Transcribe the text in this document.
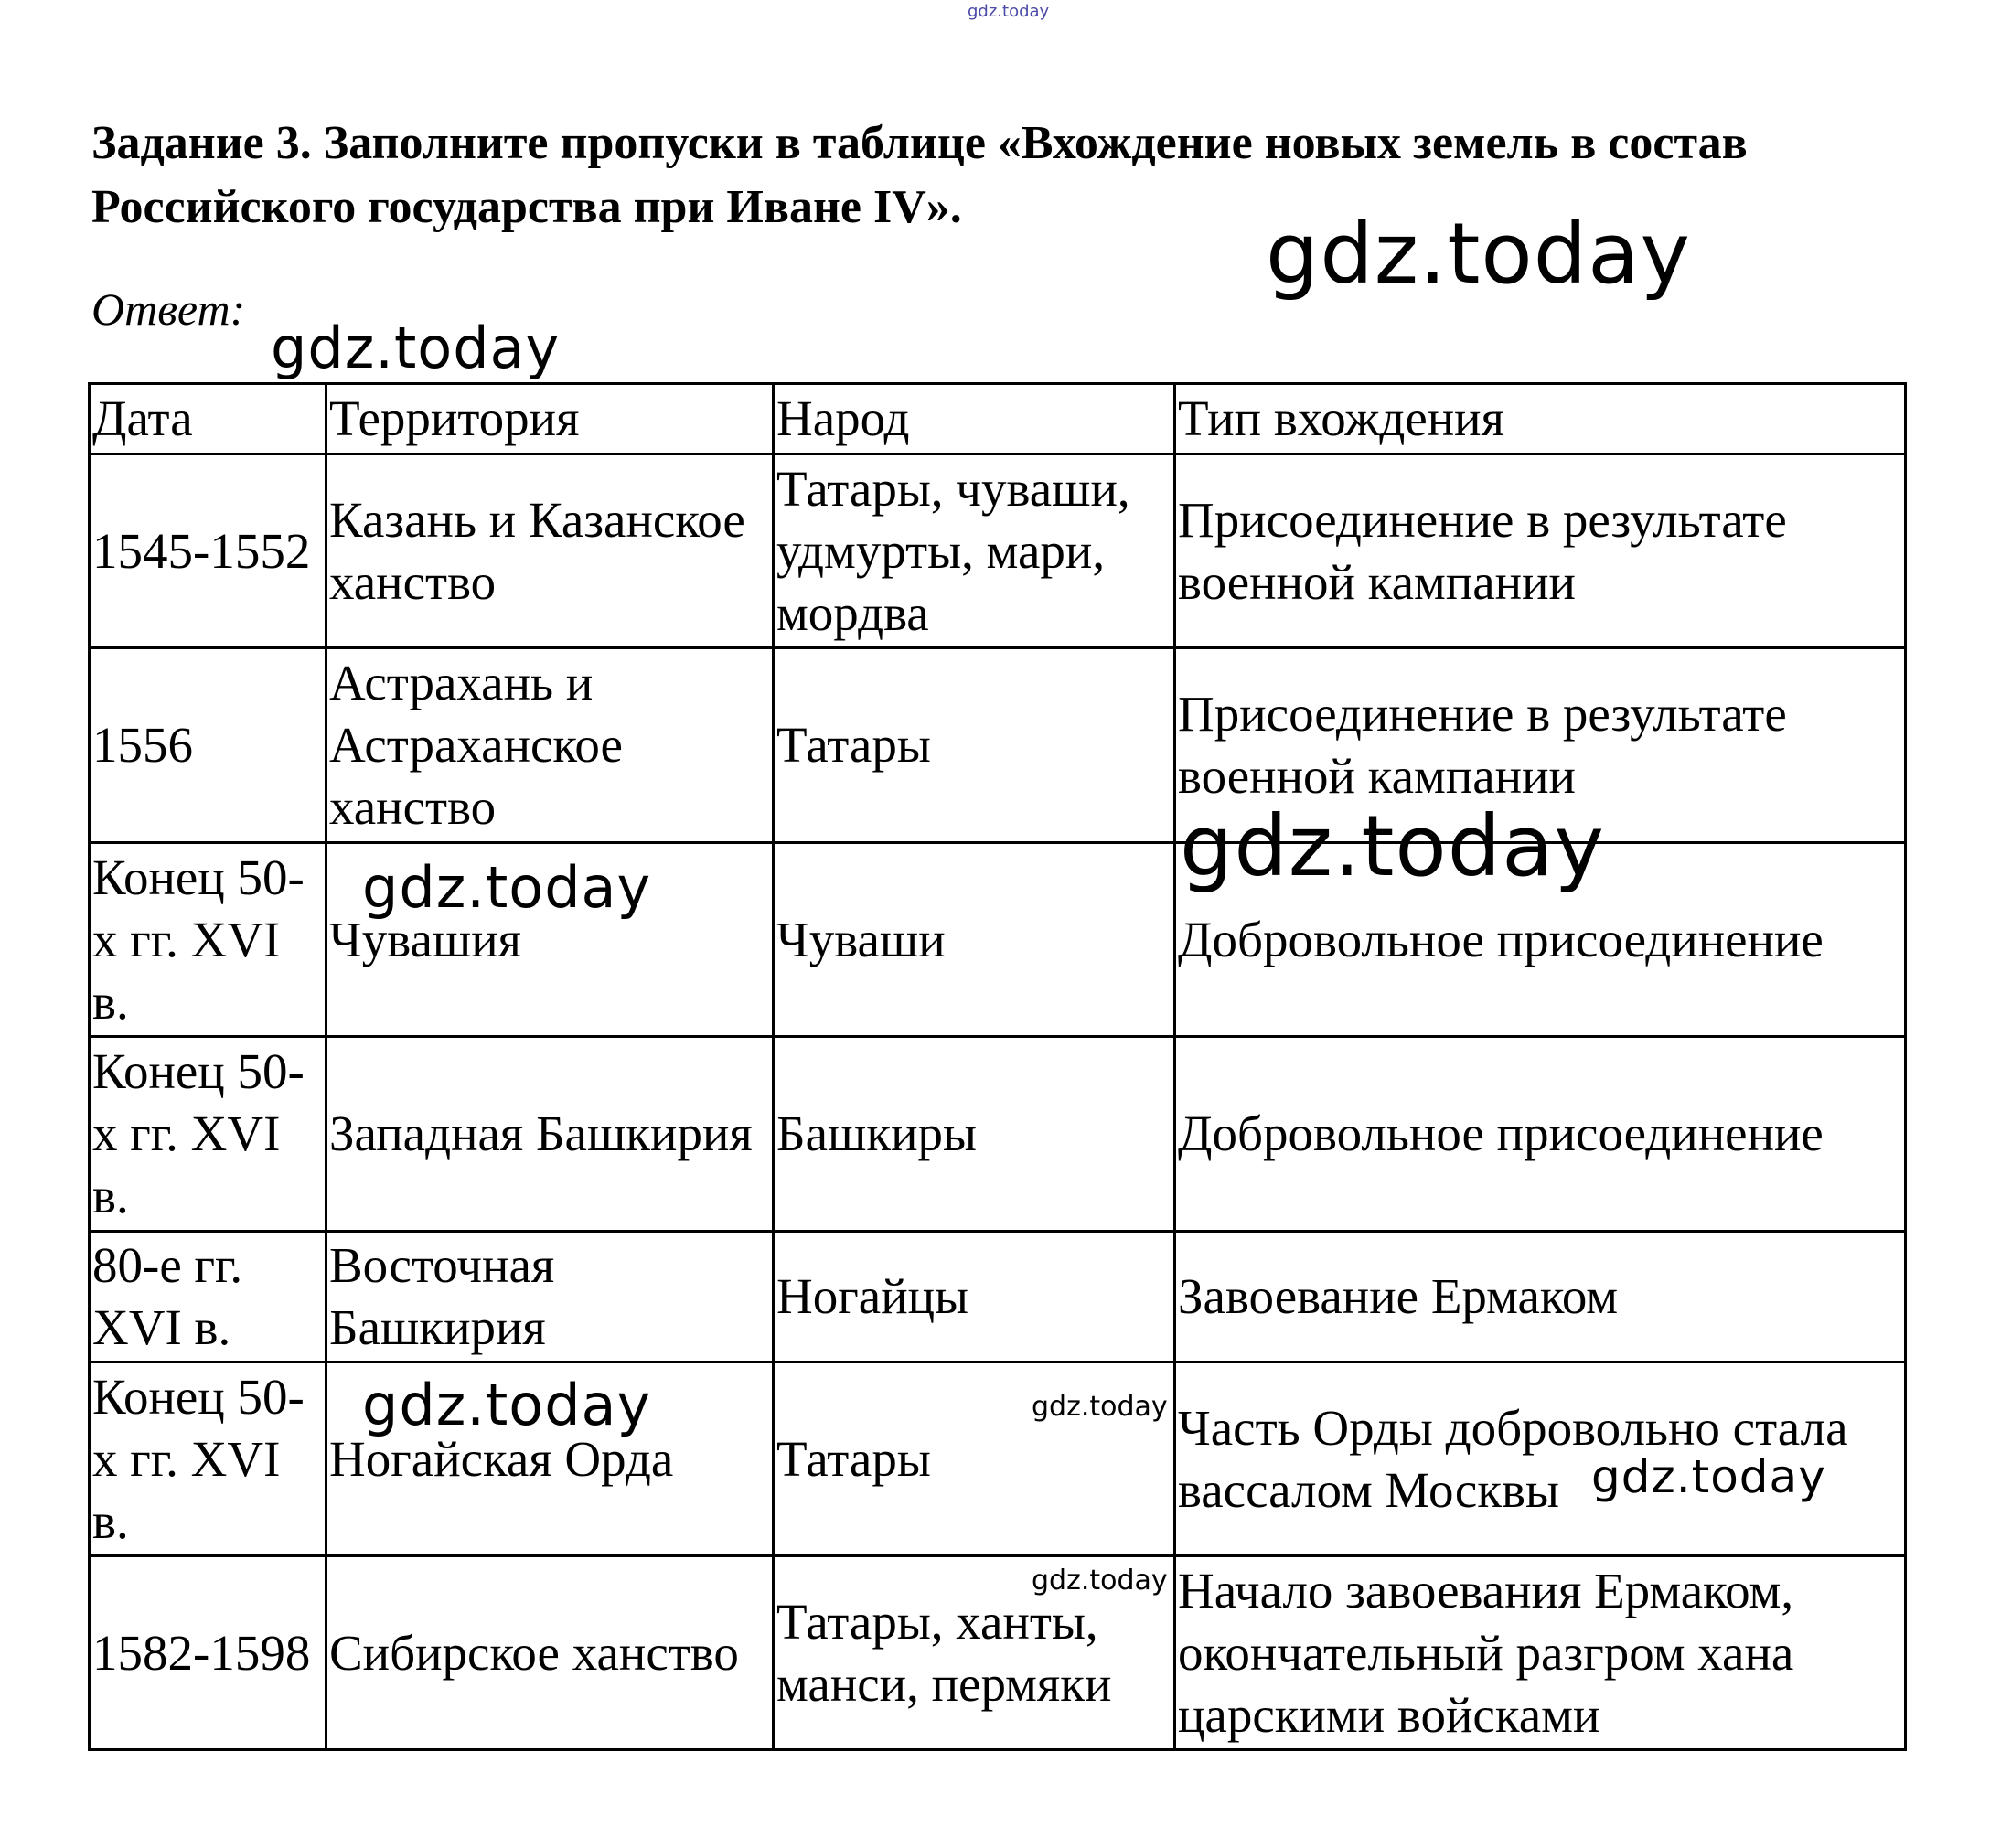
gdz.today
Задание 3. Заполните пропуски в таблице «Вхождение новых земель в состав Российского государства при Иване IV».	gdz.today
Ответ:
gdz.today
Дата	Территория	Народ	Тип вхождения
1545-1552	Казань и Казанское ханство	Татары, чуваши, удмурты, мари, мордва	Присоединение в результате военной кампании
1556	Астрахань и Астраханское ханство	Татары	Присоединение в результате военной кампании
Конец 50-х гг. XVI в.	Чувашия	Чуваши	Добровольное присоединение
Конец 50-х гг. XVI в.	Западная Башкирия	Башкиры	Добровольное присоединение
80-е гг. XVI в.	Восточная Башкирия	Ногайцы	Завоевание Ермаком
Конец 50-х гг. XVI в.	Ногайская Орда	Татары	Часть Орды добровольно стала вассалом Москвы
1582-1598	Сибирское ханство	Татары, ханты, манси, пермяки	Начало завоевания Ермаком, окончательный разгром хана царскими войсками
gdz.today
gdz.today
gdz.today	gdz.today
gdz.today
gdz.today
